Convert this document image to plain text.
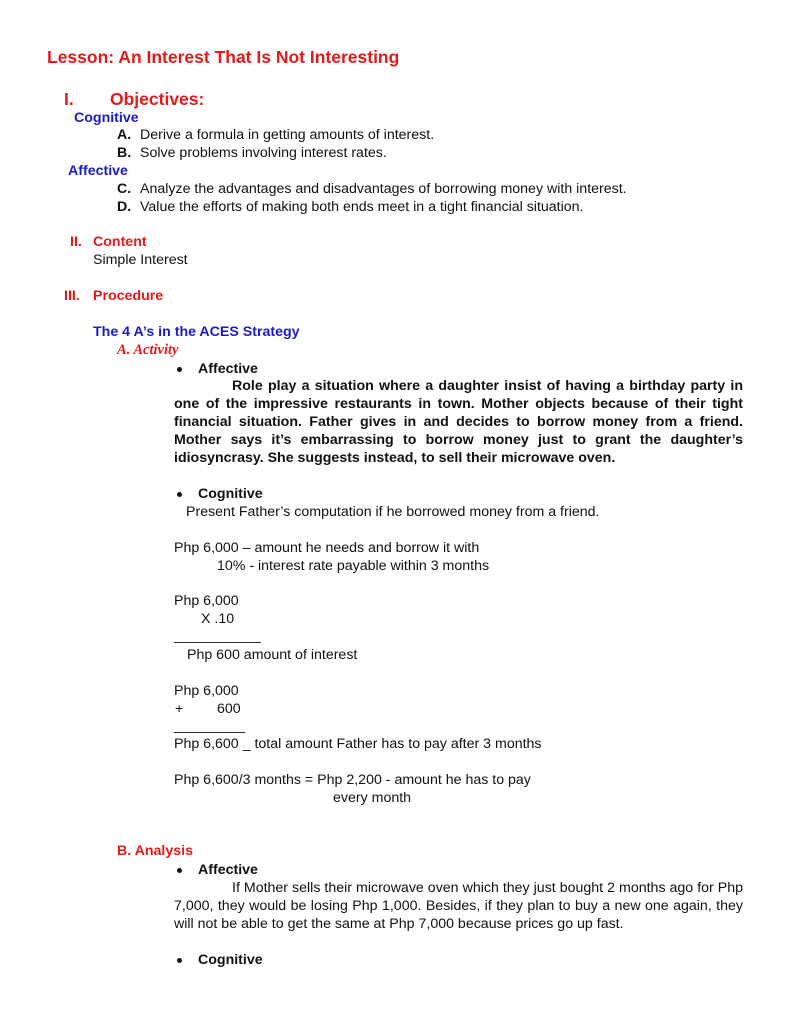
Lesson: An Interest That Is Not Interesting
I. Objectives:
Cognitive
A. Derive a formula in getting amounts of interest.
B. Solve problems involving interest rates.
Affective
C. Analyze the advantages and disadvantages of borrowing money with interest.
D. Value the efforts of making both ends meet in a tight financial situation.
II. Content
Simple Interest
III. Procedure
The 4 A’s in the ACES Strategy
A. Activity
Affective
Role play a situation where a daughter insist of having a birthday party in one of the impressive restaurants in town. Mother objects because of their tight financial situation. Father gives in and decides to borrow money from a friend. Mother says it’s embarrassing to borrow money just to grant the daughter’s idiosyncrasy. She suggests instead, to sell their microwave oven.
Cognitive
Present Father’s computation if he borrowed money from a friend.
Php 6,000 – amount he needs and borrow it with
10% - interest rate payable within 3 months
Php 6,000
X .10
___________
Php 600 amount of interest
Php 6,000
+ 600
_________
Php 6,600 _ total amount Father has to pay after 3 months
Php 6,600/3 months = Php 2,200 - amount he has to pay
every month
B. Analysis
Affective
If Mother sells their microwave oven which they just bought 2 months ago for Php 7,000, they would be losing Php 1,000. Besides, if they plan to buy a new one again, they will not be able to get the same at Php 7,000 because prices go up fast.
Cognitive
